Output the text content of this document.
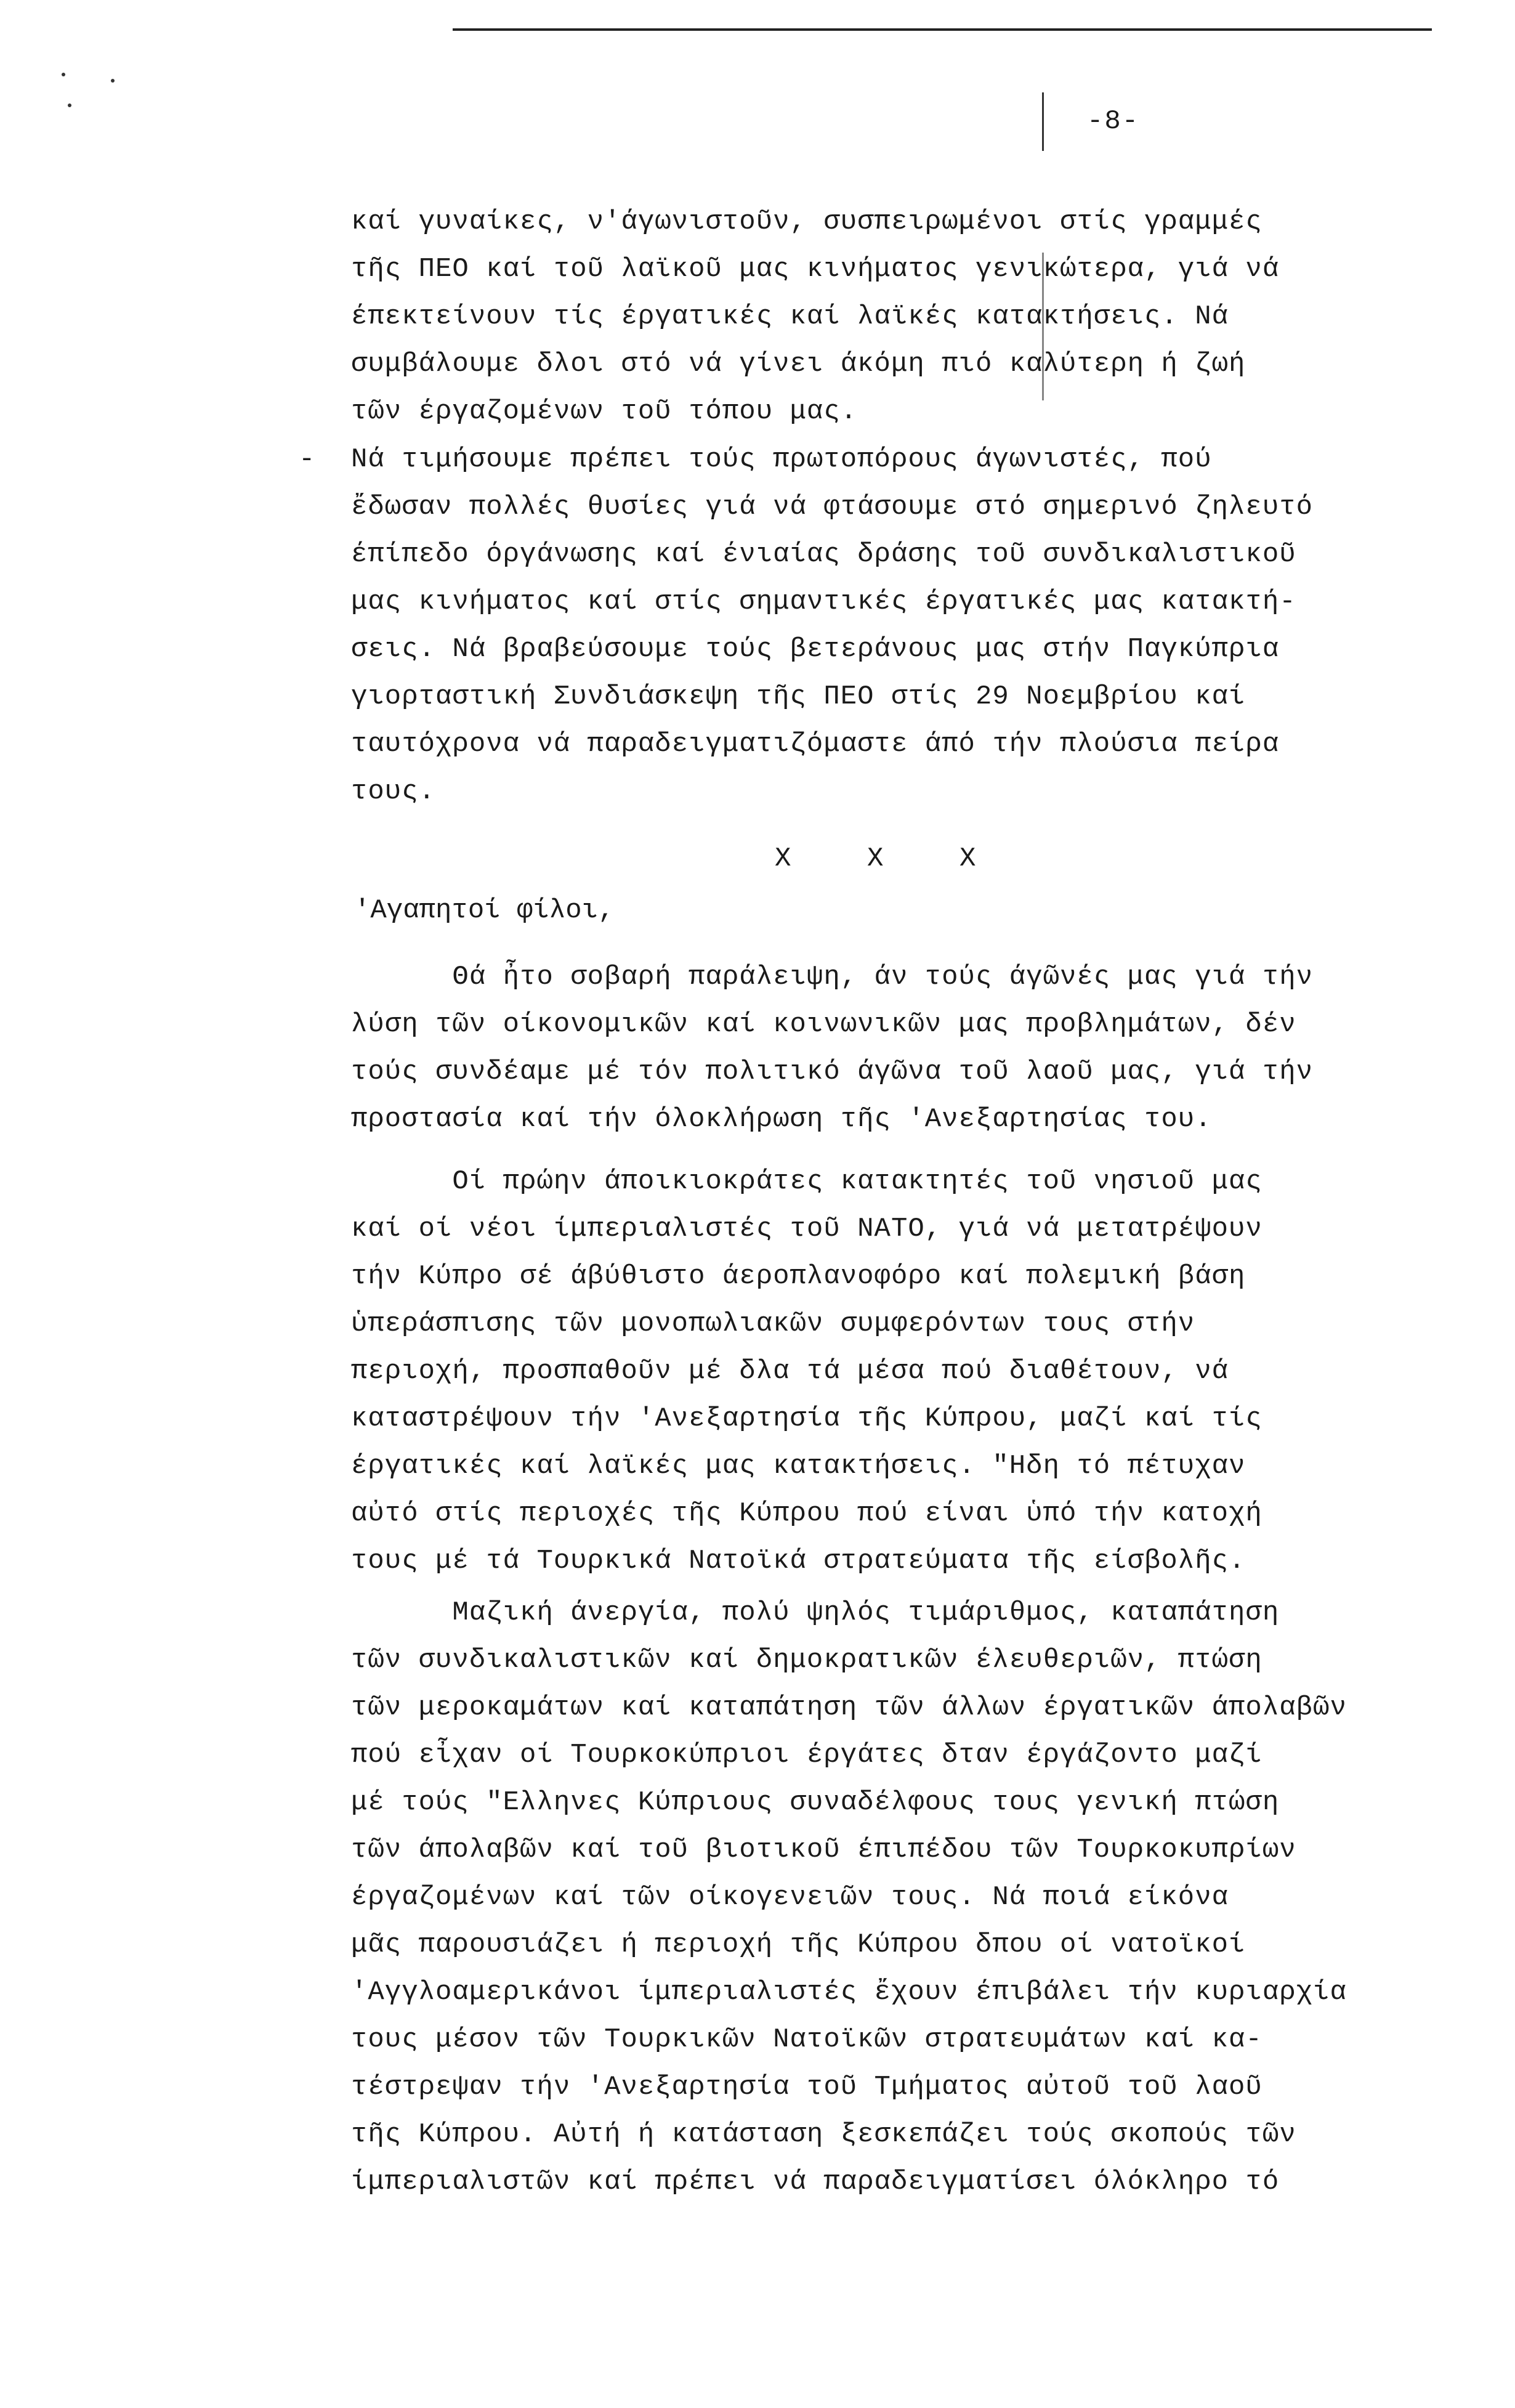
-8-
καί γυναίκες, ν'άγωνιστοῦν, συσπειρωμένοι στίς γραμμές
τῆς ΠΕΟ καί τοῦ λαϊκοῦ μας κινήματος γενικώτερα, γιά νά
έπεκτείνουν τίς έργατικές καί λαϊκές κατακτήσεις. Νά
συμβάλουμε δλοι στό νά γίνει άκόμη πιό καλύτερη ή ζωή
τῶν έργαζομένων τοῦ τόπου μας.
- Νά τιμήσουμε πρέπει τούς πρωτοπόρους άγωνιστές, πού
ἔδωσαν πολλές θυσίες γιά νά φτάσουμε στό σημερινό ζηλευτό
έπίπεδο όργάνωσης καί ένιαίας δράσης τοῦ συνδικαλιστικοῦ
μας κινήματος καί στίς σημαντικές έργατικές μας κατακτή-
σεις. Νά βραβεύσουμε τούς βετεράνους μας στήν Παγκύπρια
γιορταστική Συνδιάσκεψη τῆς ΠΕΟ στίς 29 Νοεμβρίου καί
ταυτόχρονα νά παραδειγματιζόμαστε άπό τήν πλούσια πείρα
τους.
X	X	X
'Αγαπητοί φίλοι,
Θά ἦτο σοβαρή παράλειψη, άν τούς άγῶνές μας γιά τήν
λύση τῶν οίκονομικῶν καί κοινωνικῶν μας προβλημάτων, δέν
τούς συνδέαμε μέ τόν πολιτικό άγῶνα τοῦ λαοῦ μας, γιά τήν
προστασία καί τήν όλοκλήρωση τῆς 'Ανεξαρτησίας του.
Οί πρώην άποικιοκράτες κατακτητές τοῦ νησιοῦ μας
καί οί νέοι ίμπεριαλιστές τοῦ ΝΑΤΟ, γιά νά μετατρέψουν
τήν Κύπρο σέ άβύθιστο άεροπλανοφόρο καί πολεμική βάση
ὑπεράσπισης τῶν μονοπωλιακῶν συμφερόντων τους στήν
περιοχή, προσπαθοῦν μέ δλα τά μέσα πού διαθέτουν, νά
καταστρέψουν τήν 'Ανεξαρτησία τῆς Κύπρου, μαζί καί τίς
έργατικές καί λαϊκές μας κατακτήσεις. "Ηδη τό πέτυχαν
αὐτό στίς περιοχές τῆς Κύπρου πού είναι ὑπό τήν κατοχή
τους μέ τά Τουρκικά Νατοϊκά στρατεύματα τῆς είσβολῆς.
Μαζική άνεργία, πολύ ψηλός τιμάριθμος, καταπάτηση
τῶν συνδικαλιστικῶν καί δημοκρατικῶν έλευθεριῶν, πτώση
τῶν μεροκαμάτων καί καταπάτηση τῶν άλλων έργατικῶν άπολαβῶν
πού εἶχαν οί Τουρκοκύπριοι έργάτες δταν έργάζοντο μαζί
μέ τούς "Ελληνες Κύπριους συναδέλφους τους γενική πτώση
τῶν άπολαβῶν καί τοῦ βιοτικοῦ έπιπέδου τῶν Τουρκοκυπρίων
έργαζομένων καί τῶν οίκογενειῶν τους. Νά ποιά είκόνα
μᾶς παρουσιάζει ή περιοχή τῆς Κύπρου δπου οί νατοϊκοί
'Αγγλοαμερικάνοι ίμπεριαλιστές ἔχουν έπιβάλει τήν κυριαρχία
τους μέσον τῶν Τουρκικῶν Νατοϊκῶν στρατευμάτων καί κα-
τέστρεψαν τήν 'Ανεξαρτησία τοῦ Τμήματος αὐτοῦ τοῦ λαοῦ
τῆς Κύπρου. Αὐτή ή κατάσταση ξεσκεπάζει τούς σκοπούς τῶν
ίμπεριαλιστῶν καί πρέπει νά παραδειγματίσει όλόκληρο τό
